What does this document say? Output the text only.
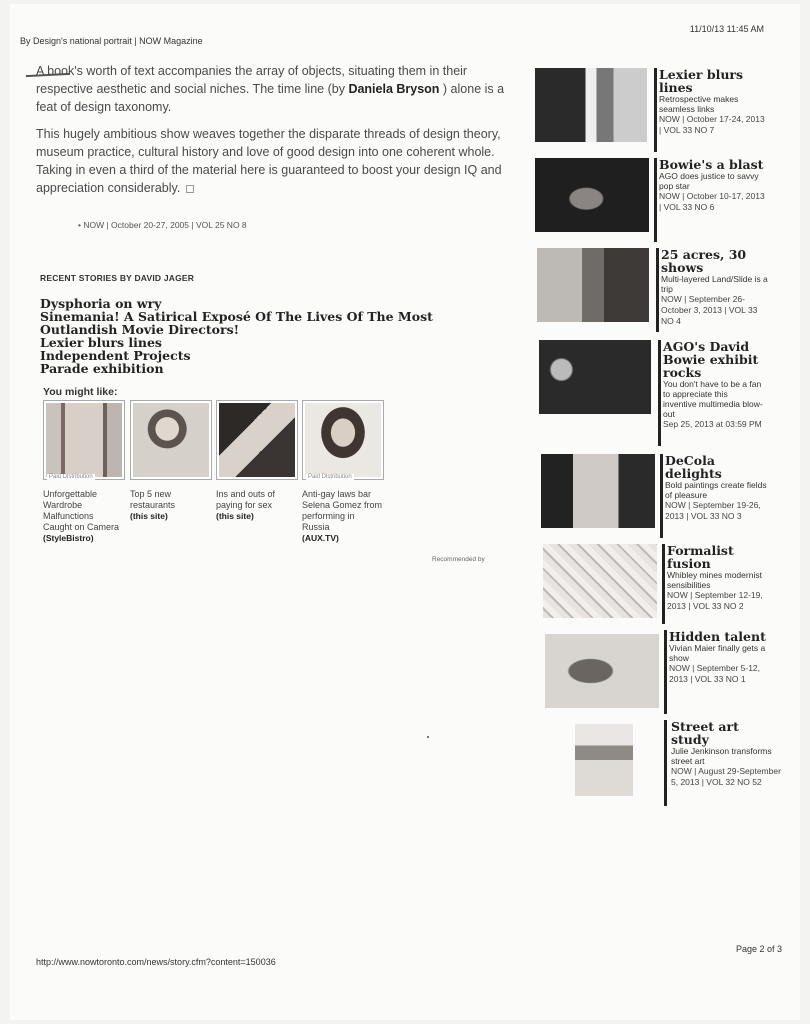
By Design's national portrait | NOW Magazine
11/10/13 11:45 AM
A book's worth of text accompanies the array of objects, situating them in their respective aesthetic and social niches. The time line (by Daniela Bryson ) alone is a feat of design taxonomy.
This hugely ambitious show weaves together the disparate threads of design theory, museum practice, cultural history and love of good design into one coherent whole. Taking in even a third of the material here is guaranteed to boost your design IQ and appreciation considerably.
• NOW | October 20-27, 2005 | VOL 25 NO 8
RECENT STORIES BY DAVID JAGER
Dysphoria on wry
Sinemania! A Satirical Exposé Of The Lives Of The Most Outlandish Movie Directors!
Lexier blurs lines
Independent Projects
Parade exhibition
You might like:
Paid Distribution
Unforgettable Wardrobe Malfunctions Caught on Camera
(StyleBistro)
Top 5 new restaurants
(this site)
Ins and outs of paying for sex
(this site)
Paid Distribution
Anti-gay laws bar Selena Gomez from performing in Russia
(AUX.TV)
Recommended by
Lexier blurs lines
Retrospective makes seamless links
NOW | October 17-24, 2013 | VOL 33 NO 7
Bowie's a blast
AGO does justice to savvy pop star
NOW | October 10-17, 2013 | VOL 33 NO 6
25 acres, 30 shows
Multi-layered Land/Slide is a trip
NOW | September 26-October 3, 2013 | VOL 33 NO 4
AGO's David Bowie exhibit rocks
You don't have to be a fan to appreciate this inventive multimedia blow-out
Sep 25, 2013 at 03:59 PM
DeCola delights
Bold paintings create fields of pleasure
NOW | September 19-26, 2013 | VOL 33 NO 3
Formalist fusion
Whibley mines modernist sensibilities
NOW | September 12-19, 2013 | VOL 33 NO 2
Hidden talent
Vivian Maier finally gets a show
NOW | September 5-12, 2013 | VOL 33 NO 1
Street art study
Julie Jenkinson transforms street art
NOW | August 29-September 5, 2013 | VOL 32 NO 52
Page 2 of 3
http://www.nowtoronto.com/news/story.cfm?content=150036
